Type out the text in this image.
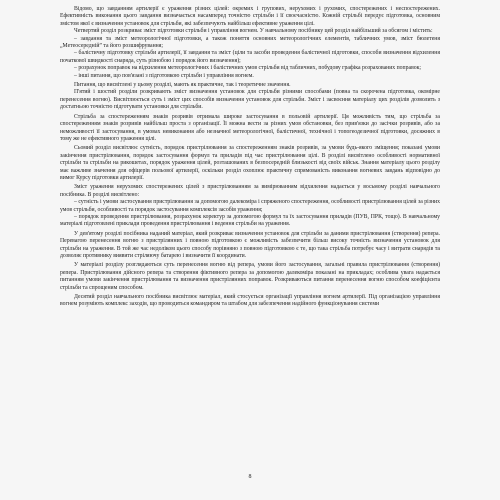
Відомо, що завданням артилерії є ураження різних цілей: окремих і групових, нерухомих і рухомих, спостережених і неспостережених. Ефективність виконання цього завдання визначається насамперед точністю стрільби і її своєчасністю. Кожній стрільбі передує підготовка, основним змістом якої є визначення установок для стрільби, які забезпечують найбільш ефективне ураження цілі.

Четвертий розділ розкриває зміст підготовки стрільби і управління вогнем. У навчальному посібнику цей розділ найбільший за обсягом і містить:

– завдання та зміст метеорологічної підготовки, а також поняття основних метеорологічних елементів, табличних умов, зміст бюлетеня „Метеосередній” та його розшифрування;

– балістичну підготовку стрільби артилерії, її завдання та зміст (ціли та засоби проведення балістичної підготовки, способи визначення відхилення початкової швидкості снаряда, суть різнобою і порядок його визначення);

– розрахунок поправок на відхилення метеорологічних і балістичних умов стрільби від табличних, побудову графіка розрахованих поправок;

– інші питання, що пов'язані з підготовкою стрільби і управління вогнем.

Питання, що висвітлені у цьому розділі, мають як практичне, так і теоретичне значення.

П'ятий і шостий розділи розкривають зміст визначення установок для стрільби різними способами (повна та скорочена підготовка, окомірне перенесення вогню). Висвітлюється суть і зміст цих способів визначення установок для стрільби. Зміст і засвоєння матеріалу цих розділів дозволить з достатньою точністю підготувати установки для стрільби.

Стрільба за спостереженням знаків розривів отримала широке застосування в польовій артилерії. Ця можливість тим, що стрільба за спостереженням знаків розривів найбільш проста з організації. Її можна вести за різних умов обстановки, без прив'язки до засічки розривів, або за неможливості її застосування, в умовах невиконання або незначної метеорологічної, балістичної, технічної і топогеодезичної підготовки, досяжних в тому же не ефективного ураження цілі.

Сьомий розділ висвітлює сутність, порядок пристрілювання за спостереженням знаків розривів, за умови будь-якого зміщення; показані умови закінчення пристрілювання, порядок застосування формул та приладів під час пристрілювання цілі. В розділі висвітлено особливості нормативної стрільби та стрільби на рикошетах, порядок ураження цілей, розташованих в безпосередній близькості від своїх військ. Знання матеріалу цього розділу має важливе значення для офіцерів польової артилерії, оскільки розділ охоплює практичну спрямованість виконання вогневих завдань відповідно до вимог Курсу підготовки артилерії.

Зміст ураження нерухомих спостережених цілей з пристрілюванням за вимірюванням відхилення надається у восьмому розділі навчального посібника. В розділі висвітлено:

– сутність і умови застосування пристрілювання за допомогою далекоміра і спряженого спостереження, особливості пристрілювання цілей за різних умов стрільби, особливості та порядок застосування комплексів засобів ураження;

– порядок проведення пристрілювання, розрахунок коректур за допомогою формул та їх застосування приладів (ПУВ, ПРК, тощо). В навчальному матеріалі підготовлені приклади проведення пристрілювання і ведення стрільби на ураження.

У дев'ятому розділі посібника наданий матеріал, який розкриває визначення установок для стрільби за даними пристрілювання (створення) репера. Перевагою перенесення вогню з пристрілянних і повною підготовкою є можливість забезпечити більш високу точність визначення установок для стрільби на ураження. В той же час недоліком цього способу порівняно з повною підготовкою є те, що така стрільба потребує часу і витрати снарядів та дозволяє противнику виявити стріляючу батарею і визначити її координати.

У матеріалі розділу розглядаються суть перенесення вогню від репера, умови його застосування, загальні правила пристрілювання (створення) репера. Пристрілювання дійсного репера та створення фіктивного репера за допомогою далекоміра показані на прикладах; особлива увага надається питанням умови закінчення пристрілювання та визначення пристрілянних поправок. Розкриваються питання перенесення вогню способом коефіцієнта стрільби та спрощеним способом.

Десятий розділ навчального посібника висвітлює матеріал, який стосується організації управління вогнем артилерії. Під організацією управління вогнем розуміють комплекс заходів, що проводиться командиром та штабом для забезпечення надійного функціонування системи

8
